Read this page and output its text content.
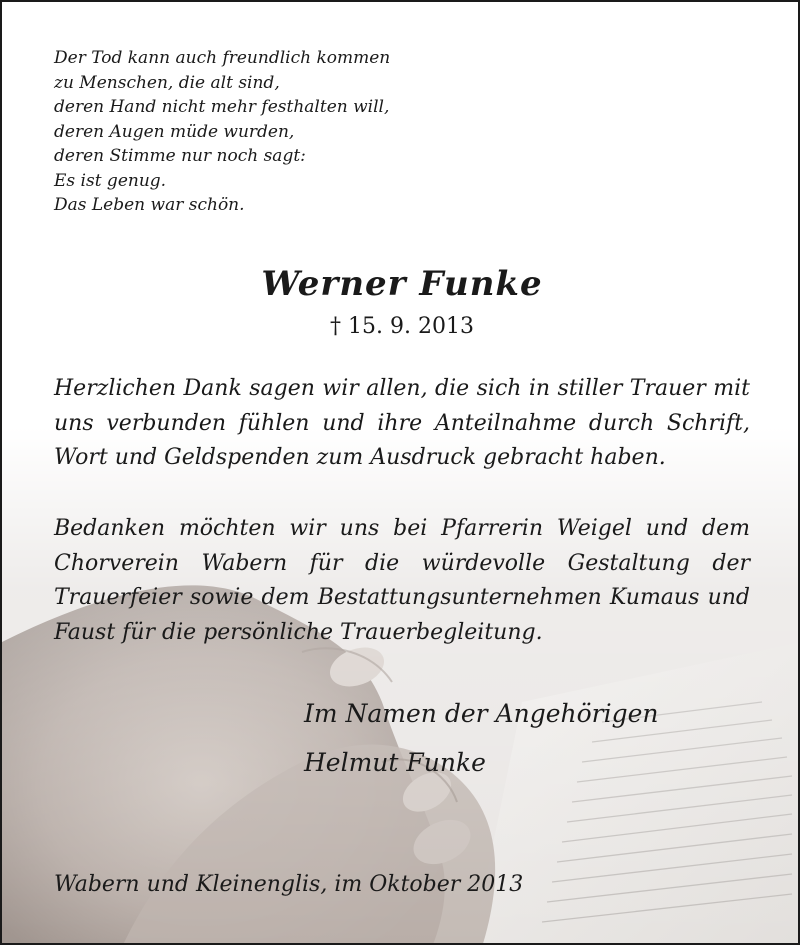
Der Tod kann auch freundlich kommen
zu Menschen, die alt sind,
deren Hand nicht mehr festhalten will,
deren Augen müde wurden,
deren Stimme nur noch sagt:
Es ist genug.
Das Leben war schön.
Werner Funke
† 15. 9. 2013
Herzlichen Dank sagen wir allen, die sich in stiller Trauer mit uns verbunden fühlen und ihre Anteilnahme durch Schrift, Wort und Geldspenden zum Ausdruck gebracht haben.
Bedanken möchten wir uns bei Pfarrerin Weigel und dem Chorverein Wabern für die würdevolle Gestaltung der Trauerfeier sowie dem Bestattungsunternehmen Kumaus und Faust für die persönliche Trauerbegleitung.
Im Namen der Angehörigen
Helmut Funke
Wabern und Kleinenglis, im Oktober 2013
